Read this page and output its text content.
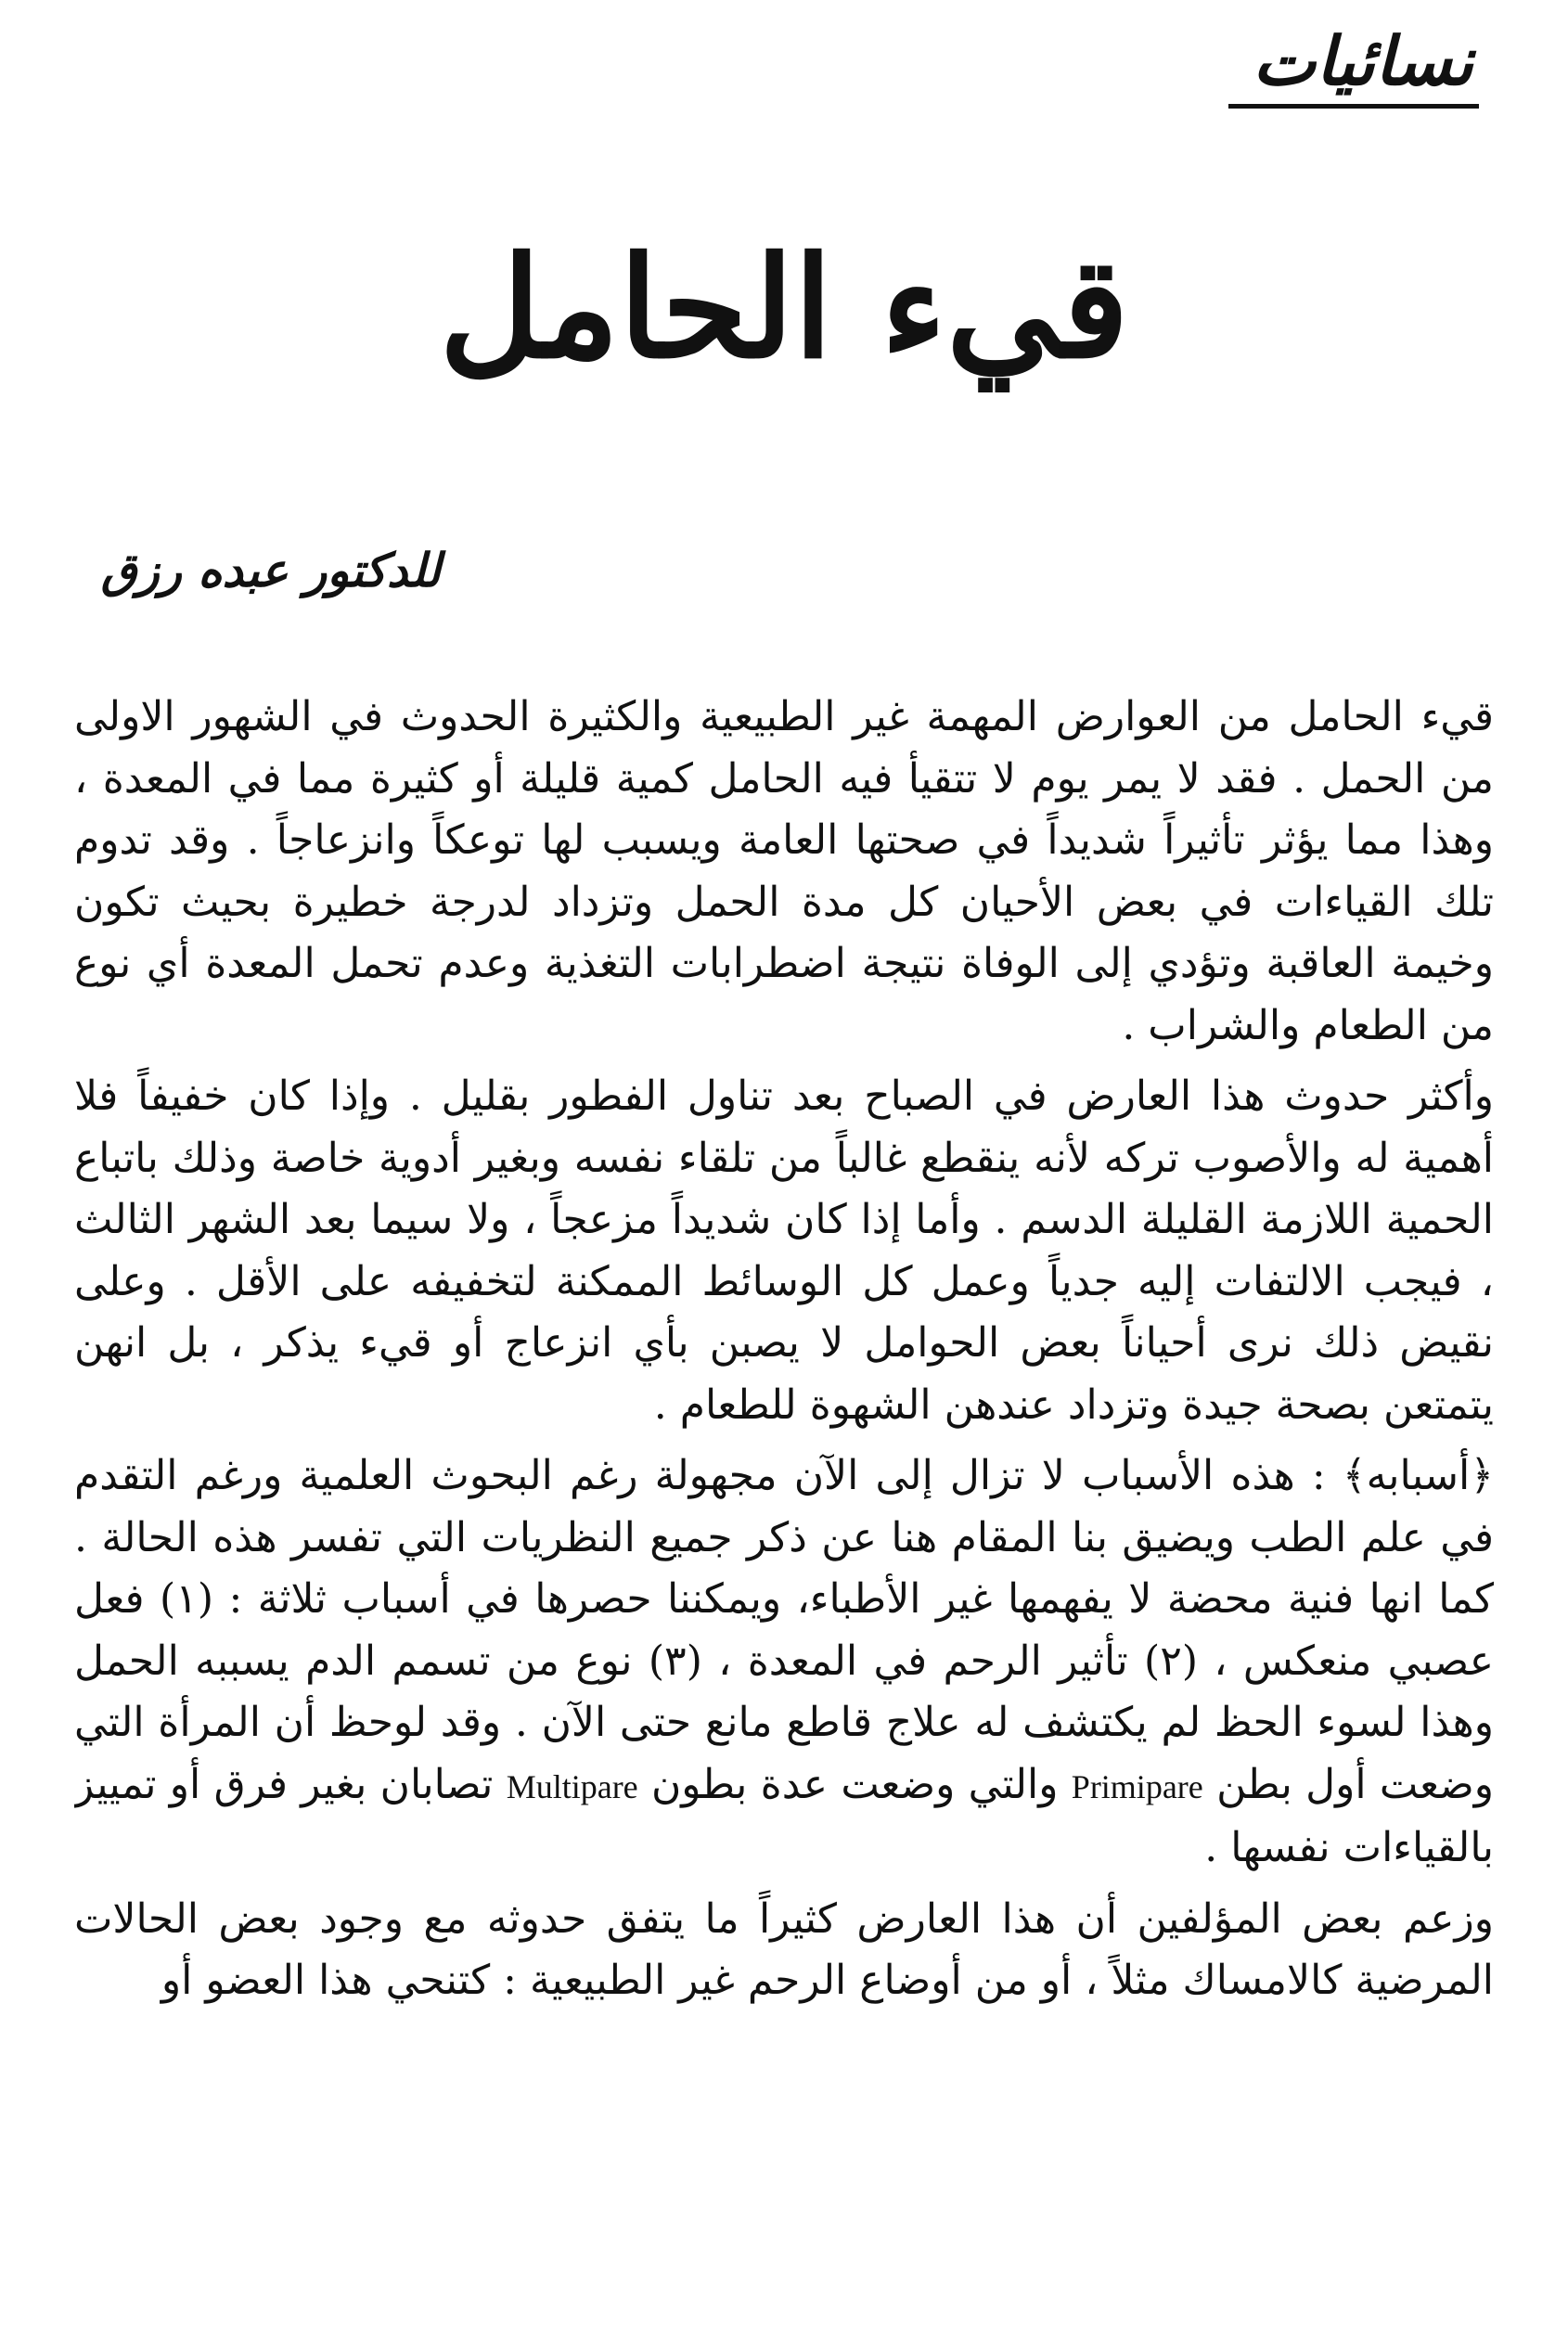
نسائيات
قيء الحامل
للدكتور عبده رزق

قيء الحامل من العوارض المهمة غير الطبيعية والكثيرة الحدوث في الشهور الاولى من الحمل . فقد لا يمر يوم لا تتقيأ فيه الحامل كمية قليلة أو كثيرة مما في المعدة ، وهذا مما يؤثر تأثيراً شديداً في صحتها العامة ويسبب لها توعكاً وانزعاجاً . وقد تدوم تلك القياءات في بعض الأحيان كل مدة الحمل وتزداد لدرجة خطيرة بحيث تكون وخيمة العاقبة وتؤدي إلى الوفاة نتيجة اضطرابات التغذية وعدم تحمل المعدة أي نوع من الطعام والشراب .

وأكثر حدوث هذا العارض في الصباح بعد تناول الفطور بقليل . وإذا كان خفيفاً فلا أهمية له والأصوب تركه لأنه ينقطع غالباً من تلقاء نفسه وبغير أدوية خاصة وذلك باتباع الحمية اللازمة القليلة الدسم . وأما إذا كان شديداً مزعجاً ، ولا سيما بعد الشهر الثالث ، فيجب الالتفات إليه جدياً وعمل كل الوسائط الممكنة لتخفيفه على الأقل . وعلى نقيض ذلك نرى أحياناً بعض الحوامل لا يصبن بأي انزعاج أو قيء يذكر ، بل انهن يتمتعن بصحة جيدة وتزداد عندهن الشهوة للطعام .

﴿أسبابه﴾ : هذه الأسباب لا تزال إلى الآن مجهولة رغم البحوث العلمية ورغم التقدم في علم الطب ويضيق بنا المقام هنا عن ذكر جميع النظريات التي تفسر هذه الحالة . كما انها فنية محضة لا يفهمها غير الأطباء، ويمكننا حصرها في أسباب ثلاثة : (١) فعل عصبي منعكس ، (٢) تأثير الرحم في المعدة ، (٣) نوع من تسمم الدم يسببه الحمل وهذا لسوء الحظ لم يكتشف له علاج قاطع مانع حتى الآن . وقد لوحظ أن المرأة التي وضعت أول بطن Primipare والتي وضعت عدة بطون Multipare تصابان بغير فرق أو تمييز بالقياءات نفسها .

وزعم بعض المؤلفين أن هذا العارض كثيراً ما يتفق حدوثه مع وجود بعض الحالات المرضية كالامساك مثلاً ، أو من أوضاع الرحم غير الطبيعية : كتنحي هذا العضو أو
